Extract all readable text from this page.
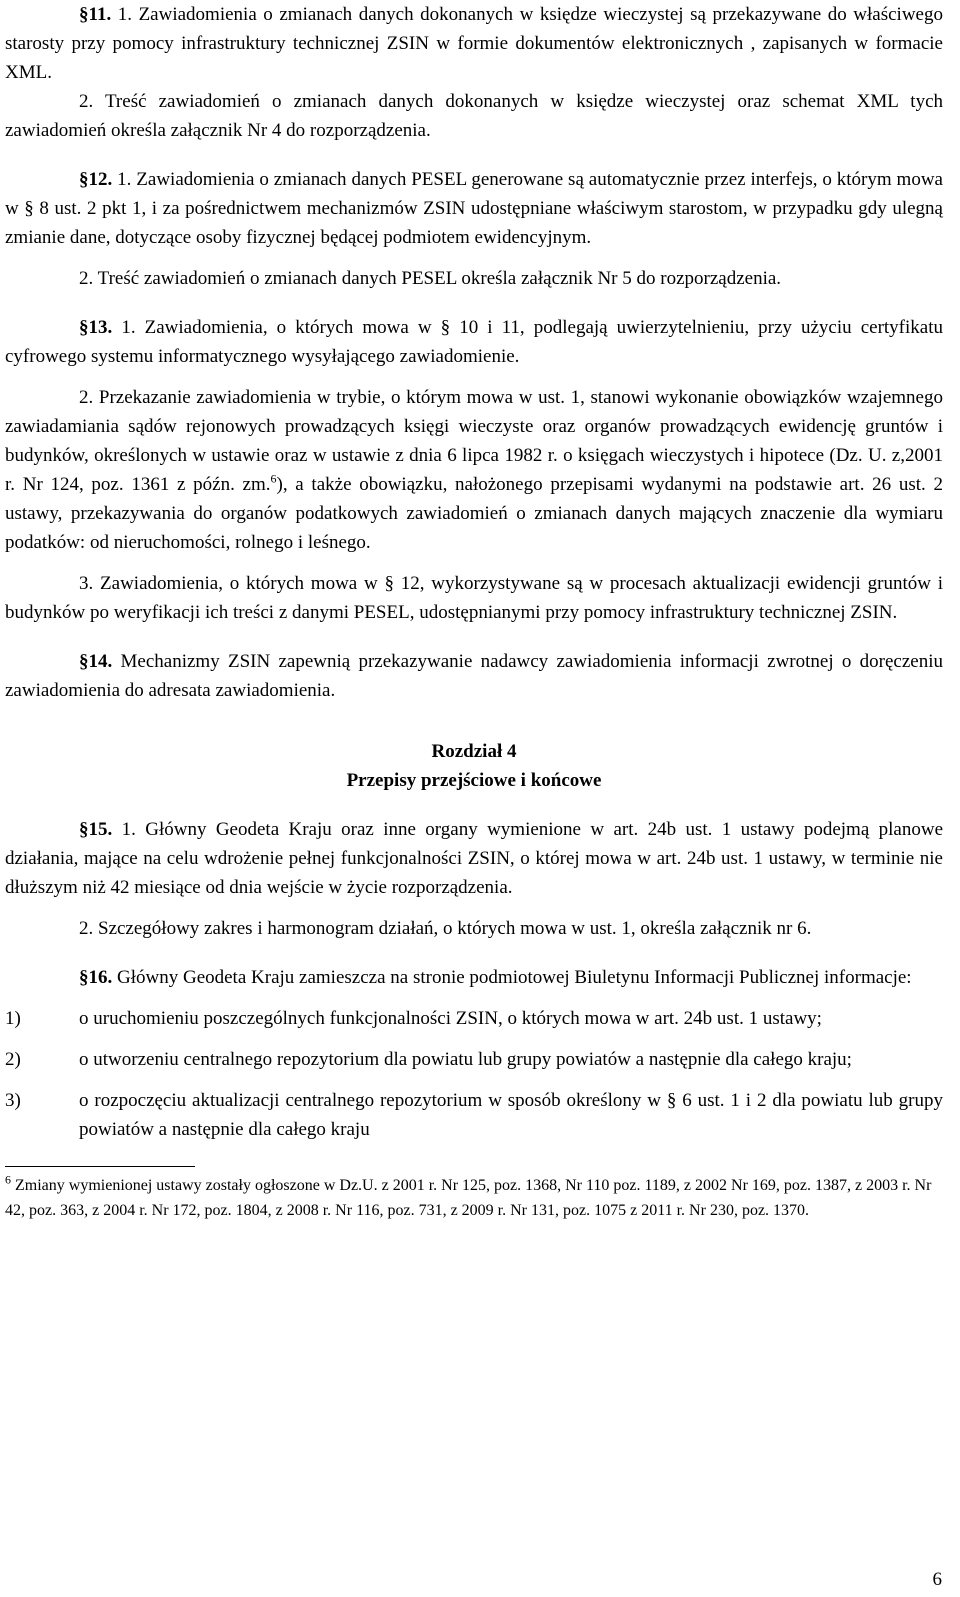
§11. 1. Zawiadomienia o zmianach danych dokonanych w księdze wieczystej są przekazywane do właściwego starosty przy pomocy infrastruktury technicznej ZSIN w formie dokumentów elektronicznych , zapisanych w formacie XML.

2. Treść zawiadomień o zmianach danych dokonanych w księdze wieczystej oraz schemat XML tych zawiadomień określa załącznik Nr 4 do rozporządzenia.

§12. 1. Zawiadomienia o zmianach danych PESEL generowane są automatycznie przez interfejs, o którym mowa w § 8 ust. 2 pkt 1, i za pośrednictwem mechanizmów ZSIN udostępniane właściwym starostom, w przypadku gdy ulegną zmianie dane, dotyczące osoby fizycznej będącej podmiotem ewidencyjnym.

2. Treść zawiadomień o zmianach danych PESEL określa załącznik Nr 5 do rozporządzenia.

§13. 1. Zawiadomienia, o których mowa w § 10 i 11, podlegają uwierzytelnieniu, przy użyciu certyfikatu cyfrowego systemu informatycznego wysyłającego zawiadomienie.

2. Przekazanie zawiadomienia w trybie, o którym mowa w ust. 1, stanowi wykonanie obowiązków wzajemnego zawiadamiania sądów rejonowych prowadzących księgi wieczyste oraz organów prowadzących ewidencję gruntów i budynków, określonych w ustawie oraz w ustawie z dnia 6 lipca 1982 r. o księgach wieczystych i hipotece (Dz. U. z,2001 r. Nr 124, poz. 1361 z późn. zm.$^6$), a także obowiązku, nałożonego przepisami wydanymi na podstawie art. 26 ust. 2 ustawy, przekazywania do organów podatkowych zawiadomień o zmianach danych mających znaczenie dla wymiaru podatków: od nieruchomości, rolnego i leśnego.

3. Zawiadomienia, o których mowa w § 12, wykorzystywane są w procesach aktualizacji ewidencji gruntów i budynków po weryfikacji ich treści z danymi PESEL, udostępnianymi przy pomocy infrastruktury technicznej ZSIN.

§14. Mechanizmy ZSIN zapewnią przekazywanie nadawcy zawiadomienia informacji zwrotnej o doręczeniu zawiadomienia do adresata zawiadomienia.

Rozdział 4

Przepisy przejściowe i końcowe

§15. 1. Główny Geodeta Kraju oraz inne organy wymienione w art. 24b ust. 1 ustawy podejmą planowe działania, mające na celu wdrożenie pełnej funkcjonalności ZSIN, o której mowa w art. 24b ust. 1 ustawy, w terminie nie dłuższym niż 42 miesiące od dnia wejście w życie rozporządzenia.

2. Szczegółowy zakres i harmonogram działań, o których mowa w ust. 1, określa załącznik nr 6.

§16. Główny Geodeta Kraju zamieszcza na stronie podmiotowej Biuletynu Informacji Publicznej informacje:

1)	o uruchomieniu poszczególnych funkcjonalności ZSIN, o których mowa w art. 24b ust. 1 ustawy;
2)	o utworzeniu centralnego repozytorium dla powiatu lub grupy powiatów a następnie dla całego kraju;
3)	o rozpoczęciu aktualizacji centralnego repozytorium w sposób określony w § 6 ust. 1 i 2 dla powiatu lub grupy powiatów a następnie dla całego kraju

$^6$ Zmiany wymienionej ustawy zostały ogłoszone w Dz.U. z 2001 r. Nr 125, poz. 1368, Nr 110 poz. 1189, z 2002 Nr 169, poz. 1387, z 2003 r. Nr 42, poz. 363, z 2004 r. Nr 172, poz. 1804, z 2008 r. Nr 116, poz. 731, z 2009 r. Nr 131, poz. 1075 z 2011 r. Nr 230, poz. 1370.

6
